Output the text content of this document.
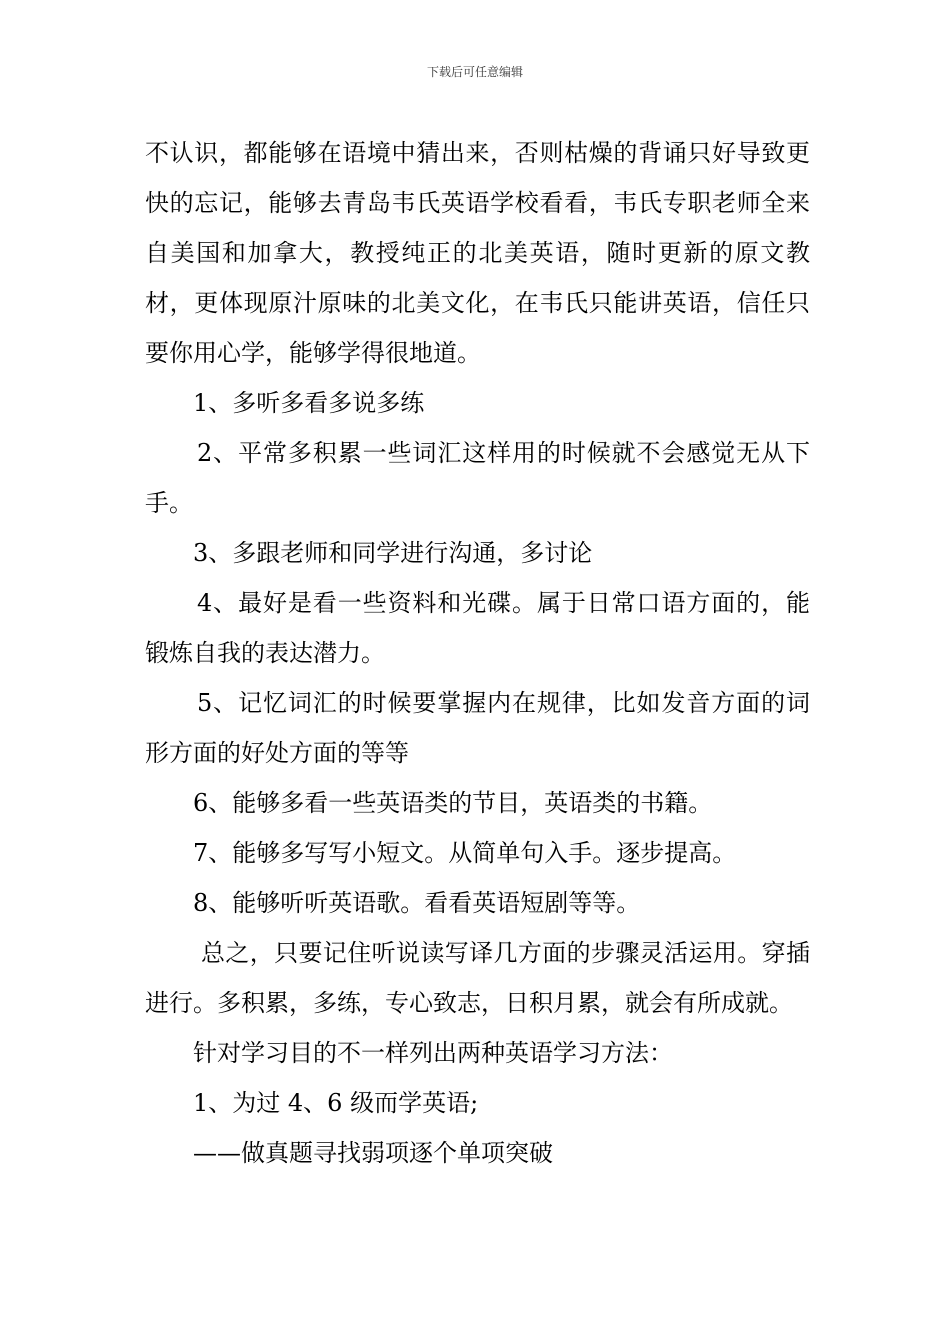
下载后可任意编辑

不认识，都能够在语境中猜出来，否则枯燥的背诵只好导致更快的忘记，能够去青岛韦氏英语学校看看，韦氏专职老师全来自美国和加拿大，教授纯正的北美英语，随时更新的原文教材，更体现原汁原味的北美文化，在韦氏只能讲英语，信任只要你用心学，能够学得很地道。

1、多听多看多说多练

2、平常多积累一些词汇这样用的时候就不会感觉无从下手。

3、多跟老师和同学进行沟通，多讨论

4、最好是看一些资料和光碟。属于日常口语方面的，能锻炼自我的表达潜力。

5、记忆词汇的时候要掌握内在规律，比如发音方面的词形方面的好处方面的等等

6、能够多看一些英语类的节目，英语类的书籍。

7、能够多写写小短文。从简单句入手。逐步提高。

8、能够听听英语歌。看看英语短剧等等。

总之，只要记住听说读写译几方面的步骤灵活运用。穿插进行。多积累，多练，专心致志，日积月累，就会有所成就。

针对学习目的不一样列出两种英语学习方法：

1、为过 4、6 级而学英语;

——做真题寻找弱项逐个单项突破
